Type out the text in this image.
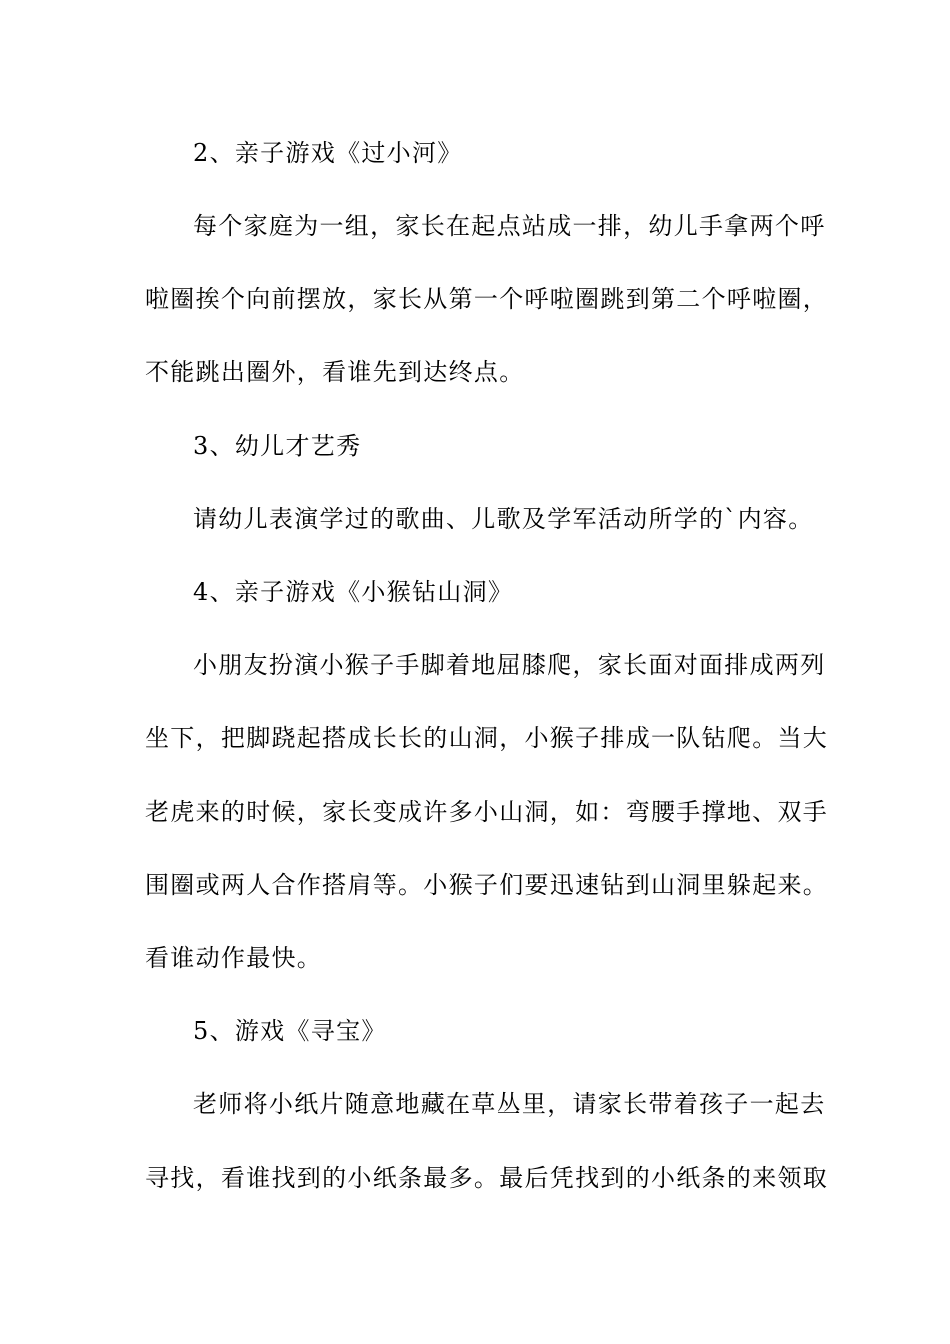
2、亲子游戏《过小河》
每个家庭为一组，家长在起点站成一排，幼儿手拿两个呼
啦圈挨个向前摆放，家长从第一个呼啦圈跳到第二个呼啦圈，
不能跳出圈外，看谁先到达终点。
3、幼儿才艺秀
请幼儿表演学过的歌曲、儿歌及学军活动所学的`内容。
4、亲子游戏《小猴钻山洞》
小朋友扮演小猴子手脚着地屈膝爬，家长面对面排成两列
坐下，把脚跷起搭成长长的山洞，小猴子排成一队钻爬。当大
老虎来的时候，家长变成许多小山洞，如：弯腰手撑地、双手
围圈或两人合作搭肩等。小猴子们要迅速钻到山洞里躲起来。
看谁动作最快。
5、游戏《寻宝》
老师将小纸片随意地藏在草丛里，请家长带着孩子一起去
寻找，看谁找到的小纸条最多。最后凭找到的小纸条的来领取
